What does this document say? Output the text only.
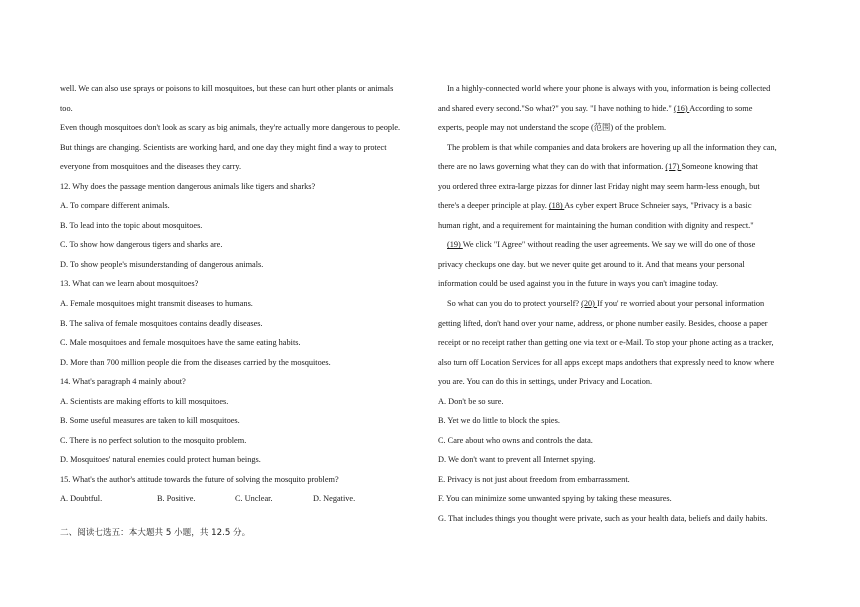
well. We can also use sprays or poisons to kill mosquitoes, but these can hurt other plants or animals
too.
Even though mosquitoes don't look as scary as big animals, they're actually more dangerous to people.
But things are changing. Scientists are working hard, and one day they might find a way to protect
everyone from mosquitoes and the diseases they carry.
12. Why does the passage mention dangerous animals like tigers and sharks?
A. To compare different animals.
B. To lead into the topic about mosquitoes.
C. To show how dangerous tigers and sharks are.
D. To show people's misunderstanding of dangerous animals.
13. What can we learn about mosquitoes?
A. Female mosquitoes might transmit diseases to humans.
B. The saliva of female mosquitoes contains deadly diseases.
C. Male mosquitoes and female mosquitoes have the same eating habits.
D. More than 700 million people die from the diseases carried by the mosquitoes.
14. What's paragraph 4 mainly about?
A. Scientists are making efforts to kill mosquitoes.
B. Some useful measures are taken to kill mosquitoes.
C. There is no perfect solution to the mosquito problem.
D. Mosquitoes' natural enemies could protect human beings.
15. What's the author's attitude towards the future of solving the mosquito problem?
A. Doubtful.	B. Positive.	C. Unclear.	D. Negative.
In a highly-connected world where your phone is always with you, information is being collected
and shared every second."So what?" you say. "I have nothing to hide." (16) According to some
experts, people may not understand the scope (范围) of the problem.
The problem is that while companies and data brokers are hovering up all the information they can,
there are no laws governing what they can do with that information. (17) Someone knowing that
you ordered three extra-large pizzas for dinner last Friday night may seem harm-less enough, but
there's a deeper principle at play. (18) As cyber expert Bruce Schneier says, "Privacy is a basic
human right, and a requirement for maintaining the human condition with dignity and respect."
(19) We click "I Agree" without reading the user agreements. We say we will do one of those
privacy checkups one day. but we never quite get around to it. And that means your personal
information could be used against you in the future in ways you can't imagine today.
So what can you do to protect yourself? (20) If you' re worried about your personal information
getting lifted, don't hand over your name, address, or phone number easily. Besides, choose a paper
receipt or no receipt rather than getting one via text or e-Mail. To stop your phone acting as a tracker,
also turn off Location Services for all apps except maps andothers that expressly need to know where
you are. You can do this in settings, under Privacy and Location.
A. Don't be so sure.
B. Yet we do little to block the spies.
C. Care about who owns and controls the data.
D. We don't want to prevent all Internet spying.
E. Privacy is not just about freedom from embarrassment.
F. You can minimize some unwanted spying by taking these measures.
G. That includes things you thought were private, such as your health data, beliefs and daily habits.
二、阅读七选五：本大题共 5 小题，共 12.5 分。
